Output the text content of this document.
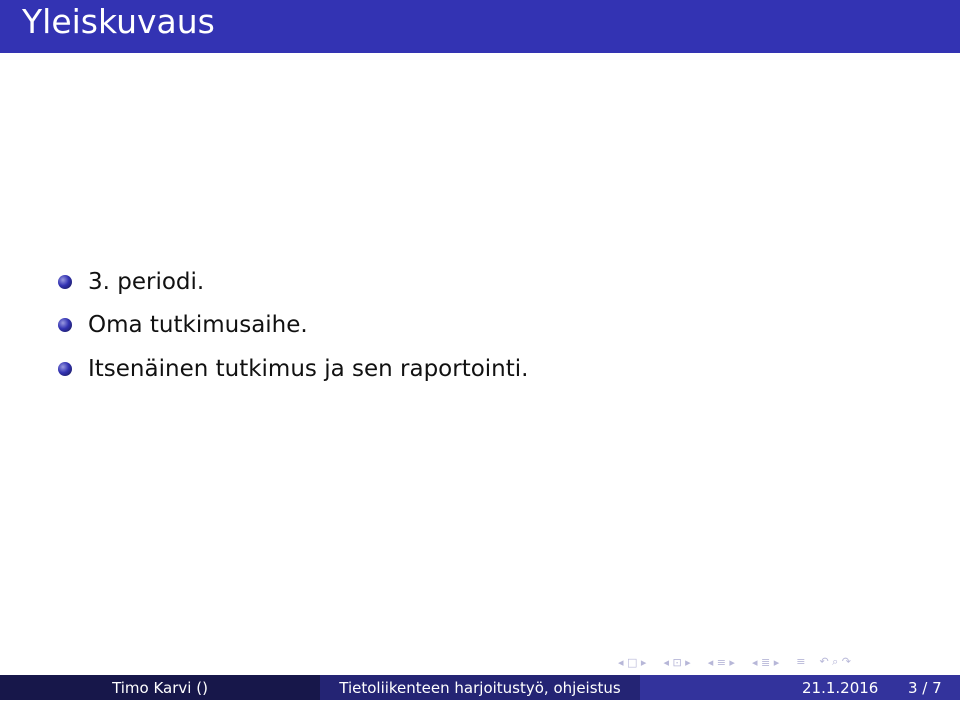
Yleiskuvaus
3. periodi.
Oma tutkimusaihe.
Itsenäinen tutkimus ja sen raportointi.
◂ □ ▸ ◂ ⊡ ▸ ◂ ≡ ▸ ◂ ≣ ▸ ≡    ↶ ⌕ ↷
Timo Karvi ()	Tietoliikenteen harjoitustyö, ohjeistus	21.1.2016 3 / 7
